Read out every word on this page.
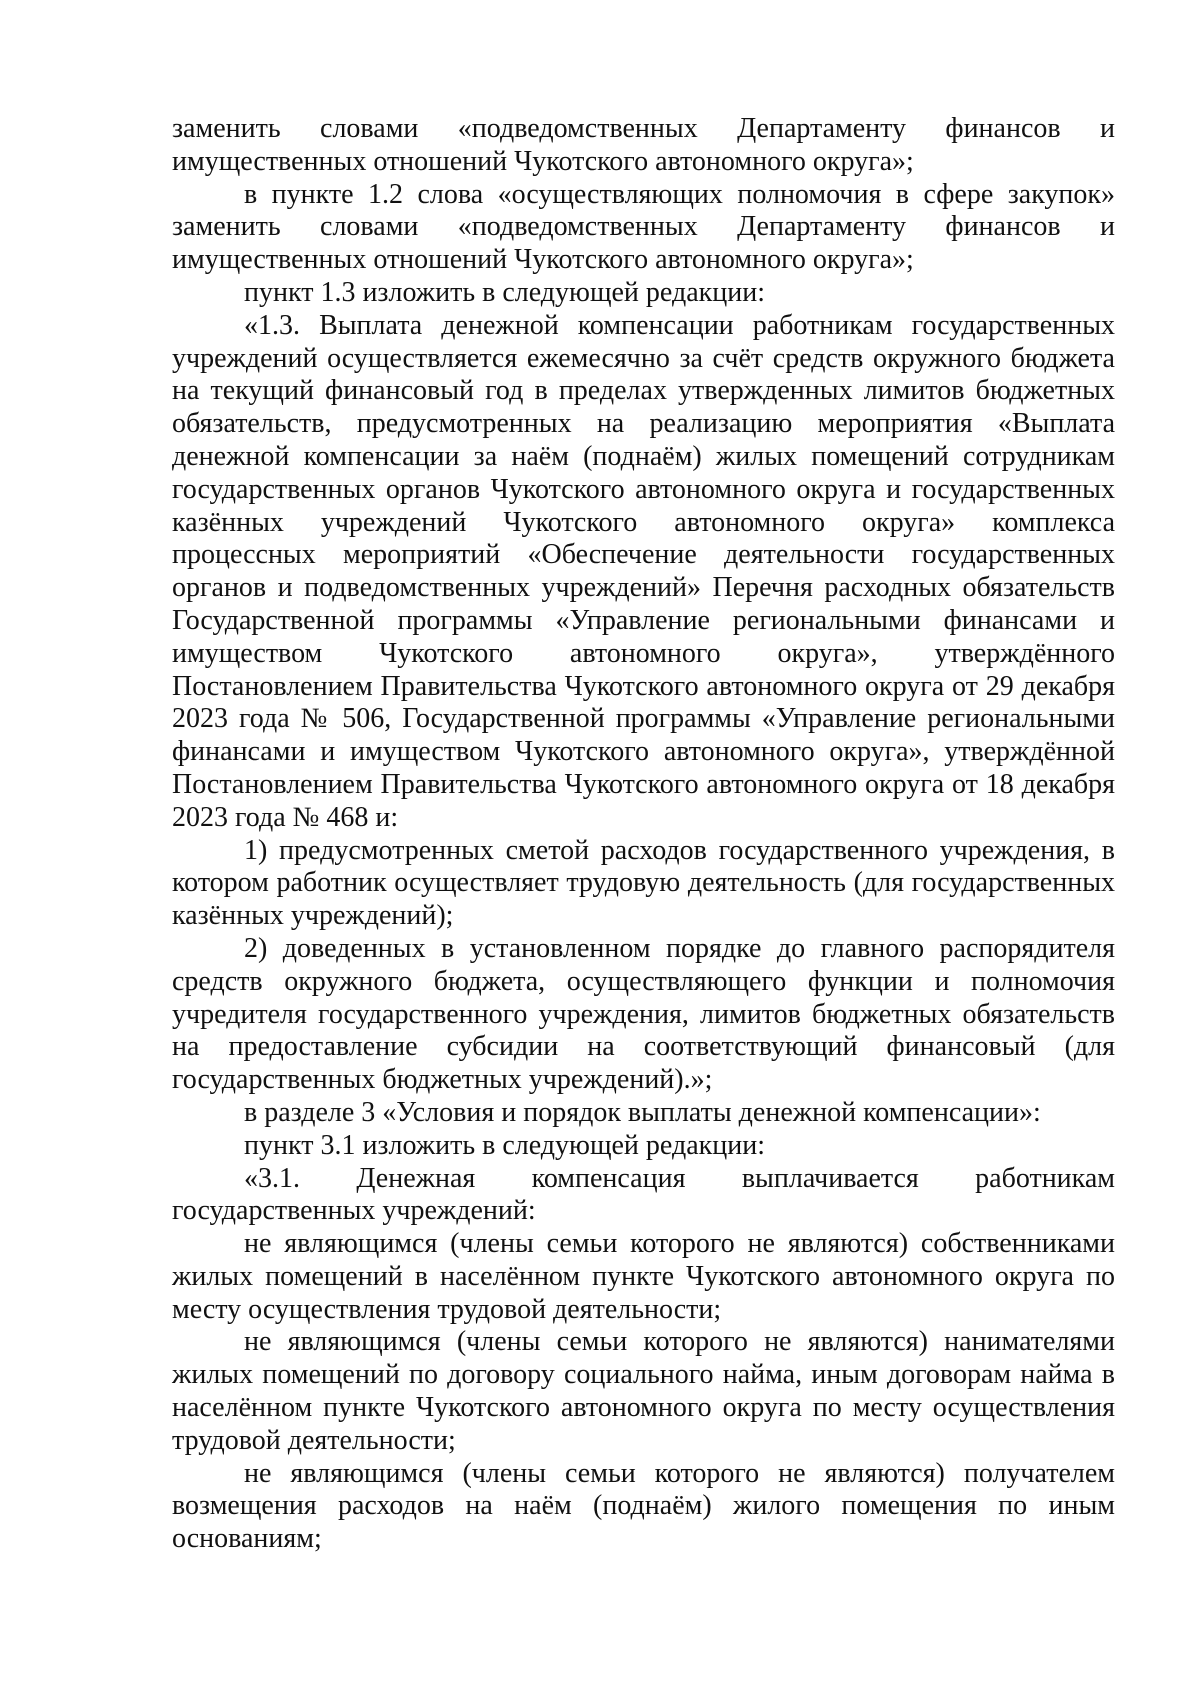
заменить словами «подведомственных Департаменту финансов и имущественных отношений Чукотского автономного округа»;

в пункте 1.2 слова «осуществляющих полномочия в сфере закупок» заменить словами «подведомственных Департаменту финансов и имущественных отношений Чукотского автономного округа»;

пункт 1.3 изложить в следующей редакции:

«1.3. Выплата денежной компенсации работникам государственных учреждений осуществляется ежемесячно за счёт средств окружного бюджета на текущий финансовый год в пределах утвержденных лимитов бюджетных обязательств, предусмотренных на реализацию мероприятия «Выплата денежной компенсации за наём (поднаём) жилых помещений сотрудникам государственных органов Чукотского автономного округа и государственных казённых учреждений Чукотского автономного округа» комплекса процессных мероприятий «Обеспечение деятельности государственных органов и подведомственных учреждений» Перечня расходных обязательств Государственной программы «Управление региональными финансами и имуществом Чукотского автономного округа», утверждённого Постановлением Правительства Чукотского автономного округа от 29 декабря 2023 года № 506, Государственной программы «Управление региональными финансами и имуществом Чукотского автономного округа», утверждённой Постановлением Правительства Чукотского автономного округа от 18 декабря 2023 года № 468 и:

1) предусмотренных сметой расходов государственного учреждения, в котором работник осуществляет трудовую деятельность (для государственных казённых учреждений);

2) доведенных в установленном порядке до главного распорядителя средств окружного бюджета, осуществляющего функции и полномочия учредителя государственного учреждения, лимитов бюджетных обязательств на предоставление субсидии на соответствующий финансовый (для государственных бюджетных учреждений).»;

в разделе 3 «Условия и порядок выплаты денежной компенсации»:

пункт 3.1 изложить в следующей редакции:

«3.1. Денежная компенсация выплачивается работникам государственных учреждений:

не являющимся (члены семьи которого не являются) собственниками жилых помещений в населённом пункте Чукотского автономного округа по месту осуществления трудовой деятельности;

не являющимся (члены семьи которого не являются) нанимателями жилых помещений по договору социального найма, иным договорам найма в населённом пункте Чукотского автономного округа по месту осуществления трудовой деятельности;

не являющимся (члены семьи которого не являются) получателем возмещения расходов на наём (поднаём) жилого помещения по иным основаниям;
